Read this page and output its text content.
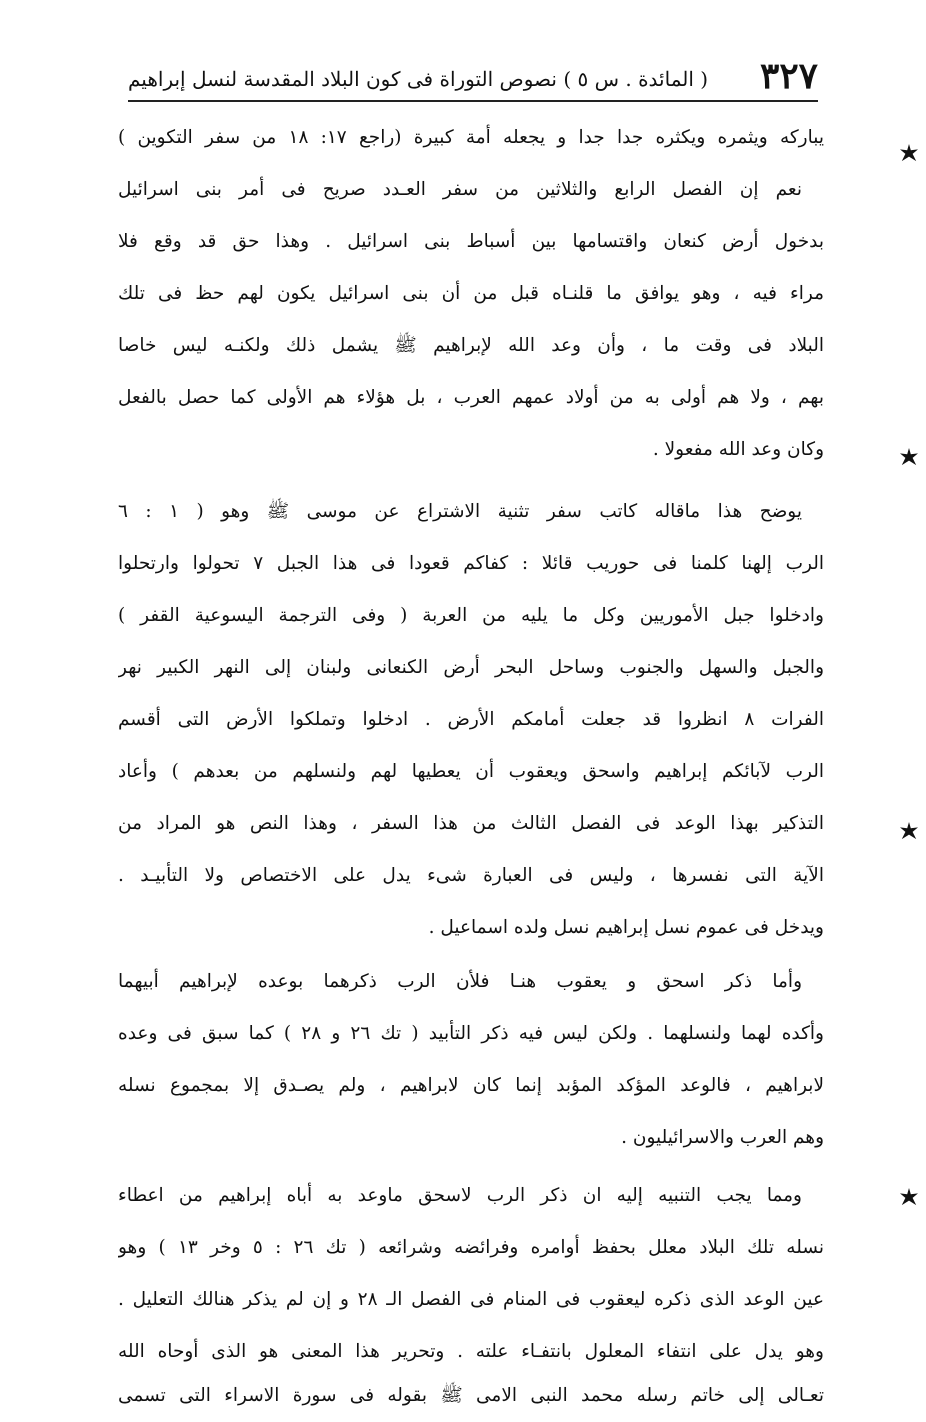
٣٢٧
( المائدة . س ٥ ) نصوص التوراة فى كون البلاد المقدسة لنسل إبراهيم
يباركه ويثمره ويكثره جدا جدا و يجعله أمة كبيرة (راجع ١٧: ١٨ من سفر التكوين )
نعم إن الفصل الرابع والثلاثين من سفر العـدد صريح فى أمر بنى اسرائيل
بدخول أرض كنعان واقتسامها بين أسباط بنى اسرائيل . وهذا حق قد وقع فلا
مراء فيه ، وهو يوافق ما قلنـاه قبل من أن بنى اسرائيل يكون لهم حظ فى تلك
البلاد فى وقت ما ، وأن وعد الله لإبراهيم ﷺ يشمل ذلك ولكنـه ليس خاصا
بهم ، ولا هم أولى به من أولاد عمهم العرب ، بل هؤلاء هم الأولى كما حصل بالفعل
وكان وعد الله مفعولا .
يوضح هذا ماقاله كاتب سفر تثنية الاشتراع عن موسى ﷺ وهو ( ١ : ٦
الرب إلهنا كلمنا فى حوريب قائلا : كفاكم قعودا فى هذا الجبل ٧ تحولوا وارتحلوا
وادخلوا جبل الأموريين وكل ما يليه من العربة ( وفى الترجمة اليسوعية القفر )
والجبل والسهل والجنوب وساحل البحر أرض الكنعانى ولبنان إلى النهر الكبير نهر
الفرات ٨ انظروا قد جعلت أمامكم الأرض . ادخلوا وتملكوا الأرض التى أقسم
الرب لآبائكم إبراهيم واسحق ويعقوب أن يعطيها لهم ولنسلهم من بعدهم ) وأعاد
التذكير بهذا الوعد فى الفصل الثالث من هذا السفر ، وهذا النص هو المراد من
الآية التى نفسرها ، وليس فى العبارة شىء يدل على الاختصاص ولا التأبيـد .
ويدخل فى عموم نسل إبراهيم نسل ولده اسماعيل .
وأما ذكر اسحق و يعقوب هنـا فلأن الرب ذكرهما بوعده لإبراهيم أبيهما
وأكده لهما ولنسلهما . ولكن ليس فيه ذكر التأبيد ( تك ٢٦ و ٢٨ ) كما سبق فى وعده
لابراهيم ، فالوعد المؤكد المؤبد إنما كان لابراهيم ، ولم يصـدق إلا بمجموع نسله
وهم العرب والاسرائيليون .
ومما يجب التنبيه إليه ان ذكر الرب لاسحق ماوعد به أباه إبراهيم من اعطاء
نسله تلك البلاد معلل بحفظ أوامره وفرائضه وشرائعه ( تك ٢٦ : ٥ وخر ١٣ ) وهو
عين الوعد الذى ذكره ليعقوب فى المنام فى الفصل الـ ٢٨ و إن لم يذكر هنالك التعليل .
وهو يدل على انتفاء المعلول بانتفـاء علته . وتحرير هذا المعنى هو الذى أوحاه الله
تعـالى إلى خاتم رسله محمد النبى الامى ﷺ بقوله فى سورة الاسراء التى تسمى
